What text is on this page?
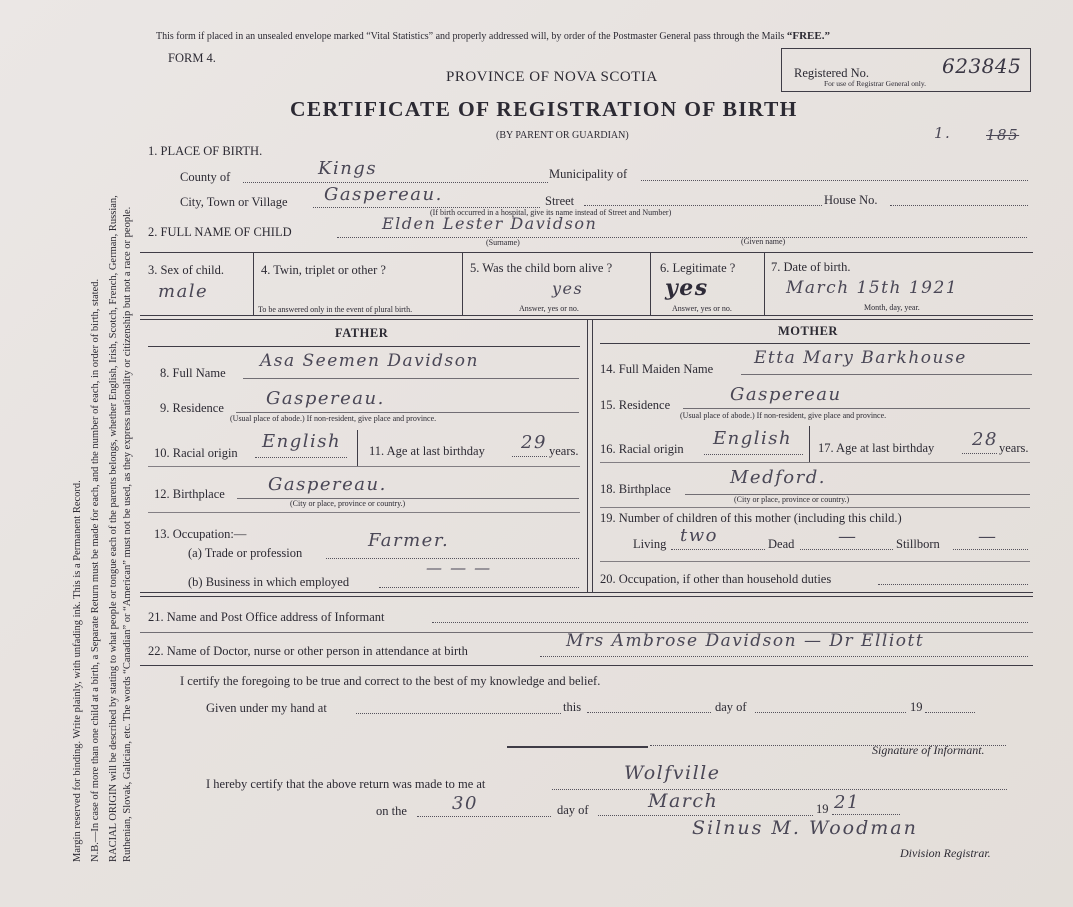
Margin reserved for binding. Write plainly, with unfading ink. This is a Permanent Record. N.B.—In case of more than one child at a birth, a Separate Return must be made for each, and the number of each, in order of birth, stated. RACIAL ORIGIN will be described by stating to what people or tongue each of the parents belongs, whether English, Irish, Scotch, French, German, Russian, Ruthenian, Slovak, Galician, etc. The words “Canadian” or “American” must not be used, as they express nationality or citizenship but not a race or people.
This form if placed in an unsealed envelope marked “Vital Statistics” and properly addressed will, by order of the Postmaster General pass through the Mails “FREE.”
FORM 4.
Registered No.	623845
For use of Registrar General only.
1. 185
PROVINCE OF NOVA SCOTIA
CERTIFICATE OF REGISTRATION OF BIRTH
(BY PARENT OR GUARDIAN)
1. PLACE OF BIRTH.
County of	Kings	Municipality of
City, Town or Village Gaspereau.	Street	House No.
(If birth occurred in a hospital, give its name instead of Street and Number)
2. FULL NAME OF CHILD	Elden Lester Davidson
(Surname)	(Given name)
3. Sex of child.
male
4. Twin, triplet or other ?
To be answered only in the event of plural birth.
5. Was the child born alive ?
yes
Answer, yes or no.
6. Legitimate ?
yes
Answer, yes or no.
7. Date of birth.
March 15th 1921
Month, day, year.
FATHER
8. Full Name
Asa Seemen Davidson
9. Residence Gaspereau.
(Usual place of abode.) If non-resident, give place and province.
10. Racial origin
English 11. Age at last birthday 29 years.
12. Birthplace Gaspereau.
(City or place, province or country.)
13. Occupation:—
(a) Trade or profession
Farmer.
(b) Business in which employed
— — —
MOTHER
14. Full Maiden Name
Etta Mary Barkhouse
15. Residence	Gaspereau
(Usual place of abode.) If non-resident, give place and province.
16. Racial origin English 17. Age at last birthday 28 years.
18. Birthplace
Medford.
(City or place, province or country.)
19. Number of children of this mother (including this child.)
Living two	Dead —	Stillborn —
20. Occupation, if other than household duties
21. Name and Post Office address of Informant
22. Name of Doctor, nurse or other person in attendance at birth	Mrs Ambrose Davidson — Dr Elliott
I certify the foregoing to be true and correct to the best of my knowledge and belief.
Given under my hand at	this	day of	19
Signature of Informant.
I hereby certify that the above return was made to me at	Wolfville
on the	30	day of	March	19 21
Silnus M. Woodman
Division Registrar.
